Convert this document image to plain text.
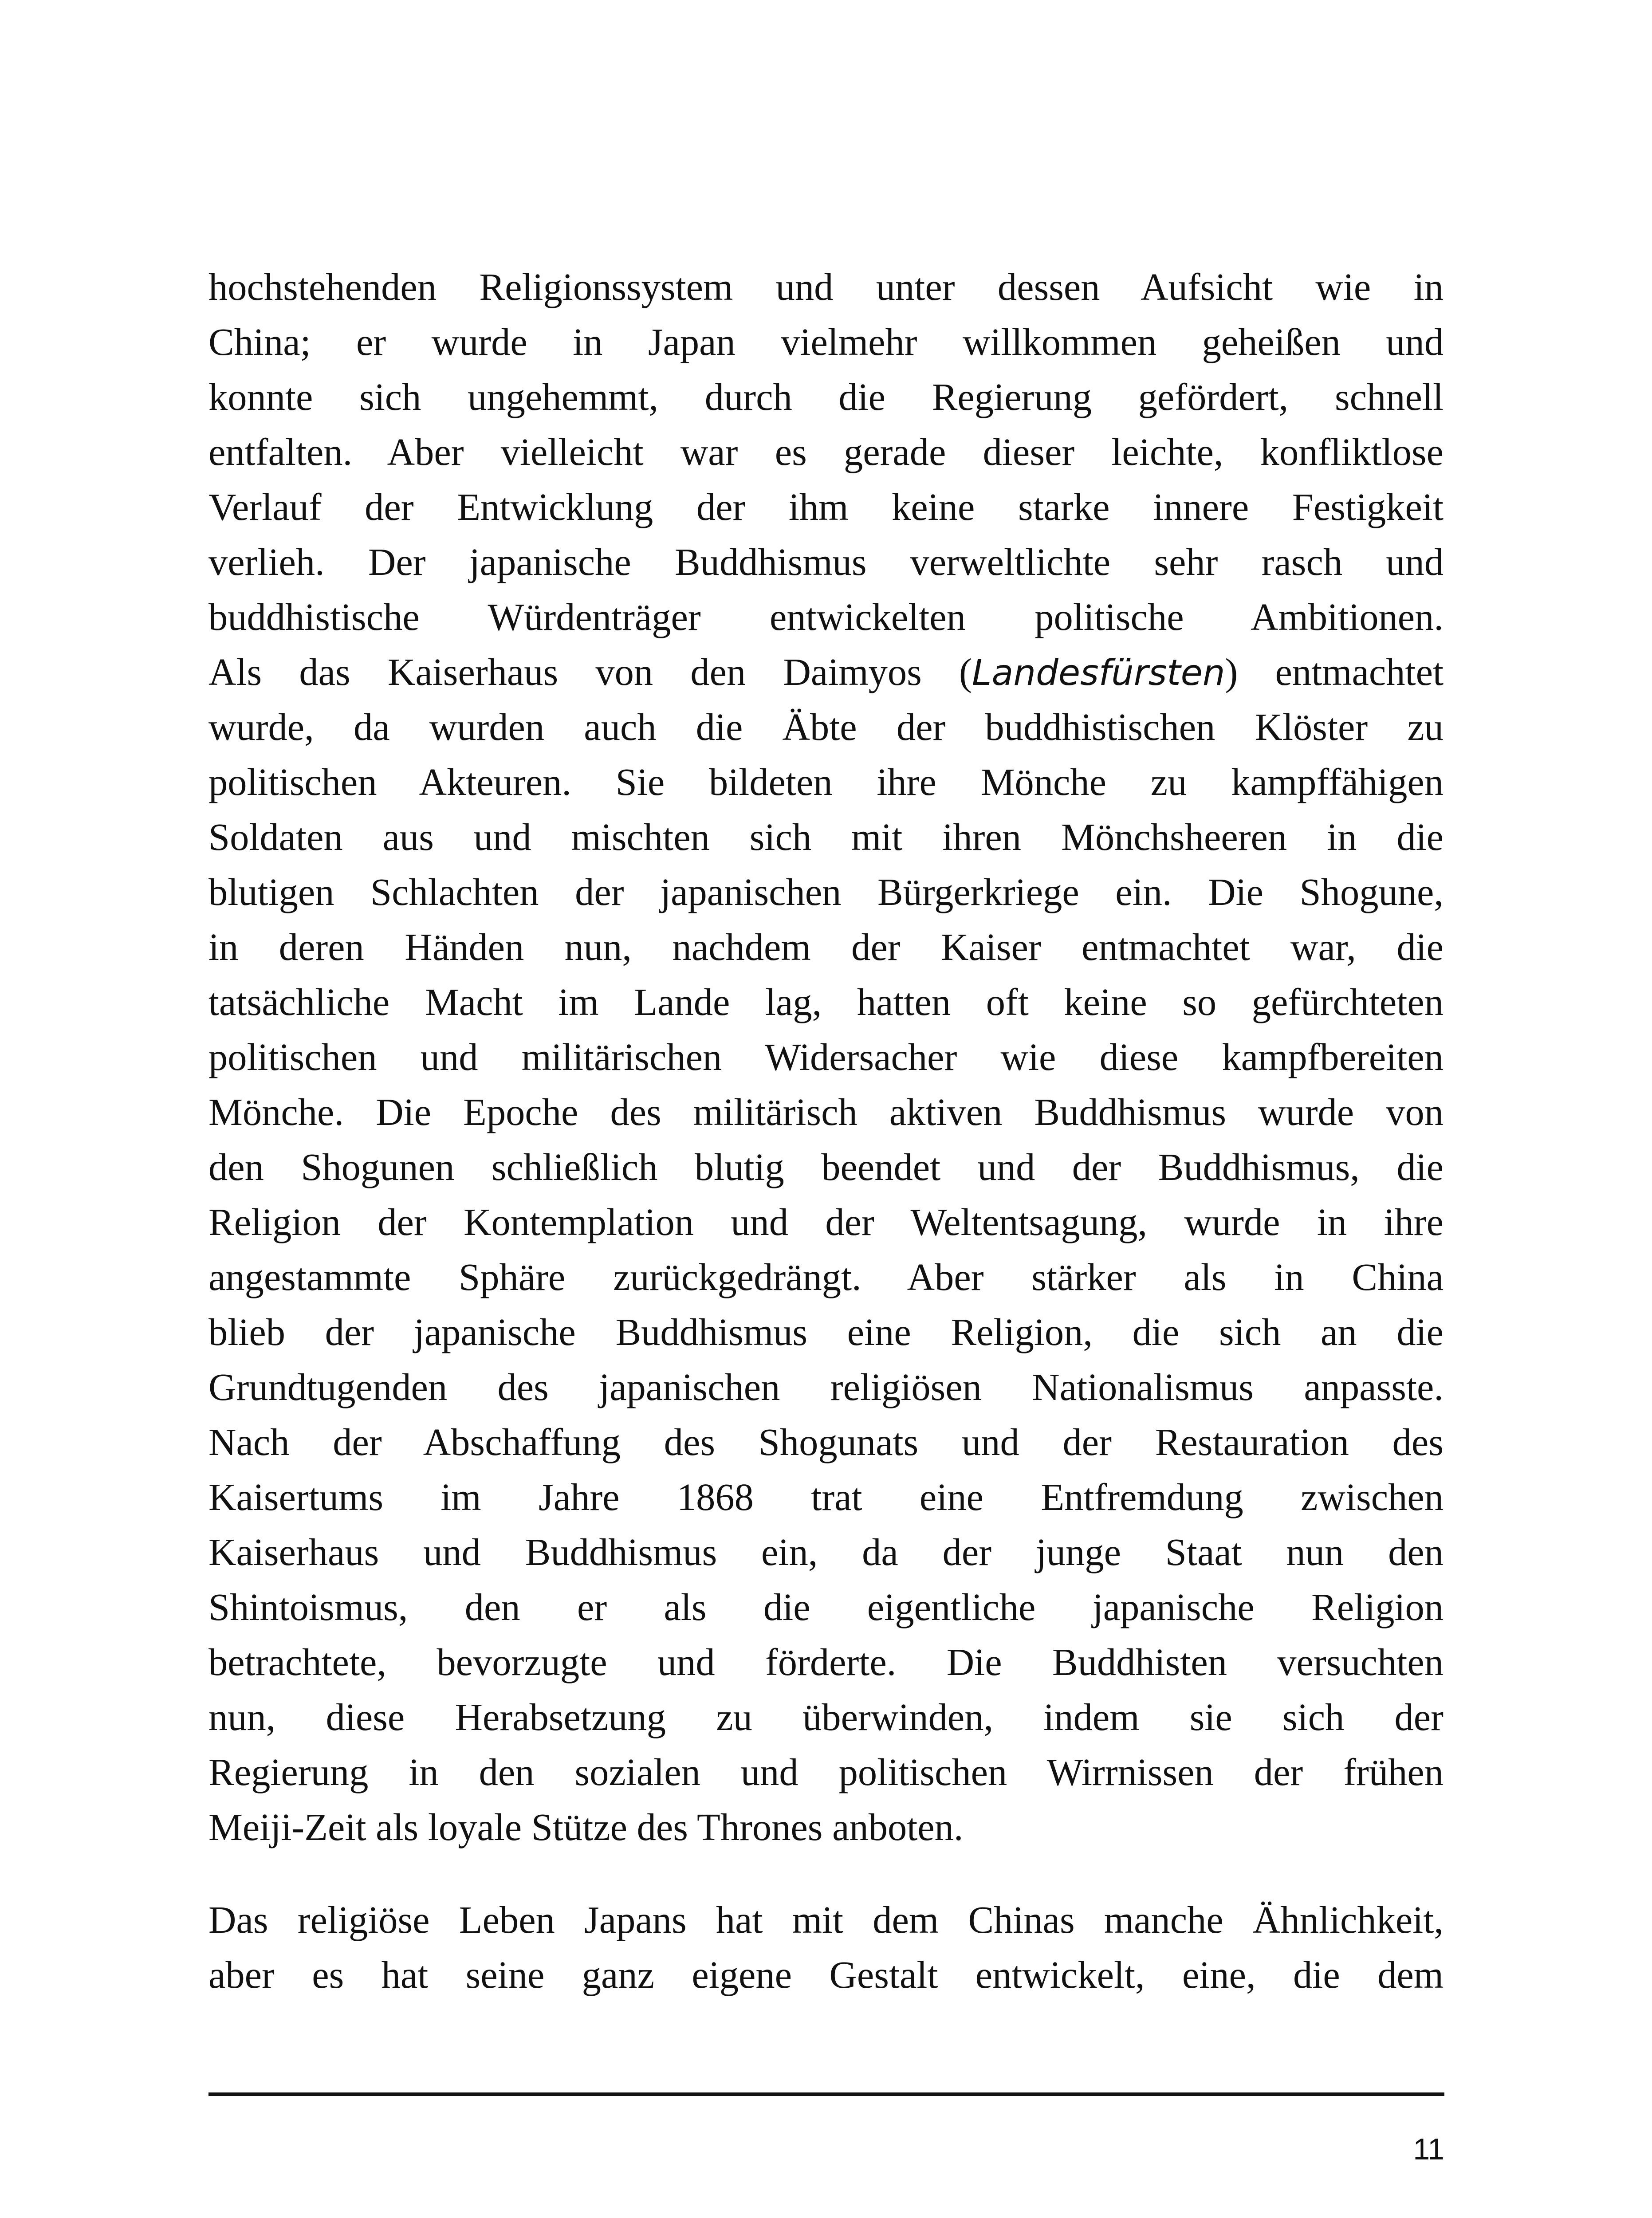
hochstehenden Religionssystem und unter dessen Aufsicht wie in
China; er wurde in Japan vielmehr willkommen geheißen und
konnte sich ungehemmt, durch die Regierung gefördert, schnell
entfalten. Aber vielleicht war es gerade dieser leichte, konfliktlose
Verlauf der Entwicklung der ihm keine starke innere Festigkeit
verlieh. Der japanische Buddhismus verweltlichte sehr rasch und
buddhistische Würdenträger entwickelten politische Ambitionen.
Als das Kaiserhaus von den Daimyos (Landesfürsten) entmachtet
wurde, da wurden auch die Äbte der buddhistischen Klöster zu
politischen Akteuren. Sie bildeten ihre Mönche zu kampffähigen
Soldaten aus und mischten sich mit ihren Mönchsheeren in die
blutigen Schlachten der japanischen Bürgerkriege ein. Die Shogune,
in deren Händen nun, nachdem der Kaiser entmachtet war, die
tatsächliche Macht im Lande lag, hatten oft keine so gefürchteten
politischen und militärischen Widersacher wie diese kampfbereiten
Mönche. Die Epoche des militärisch aktiven Buddhismus wurde von
den Shogunen schließlich blutig beendet und der Buddhismus, die
Religion der Kontemplation und der Weltentsagung, wurde in ihre
angestammte Sphäre zurückgedrängt. Aber stärker als in China
blieb der japanische Buddhismus eine Religion, die sich an die
Grundtugenden des japanischen religiösen Nationalismus anpasste.
Nach der Abschaffung des Shogunats und der Restauration des
Kaisertums im Jahre 1868 trat eine Entfremdung zwischen
Kaiserhaus und Buddhismus ein, da der junge Staat nun den
Shintoismus, den er als die eigentliche japanische Religion
betrachtete, bevorzugte und förderte. Die Buddhisten versuchten
nun, diese Herabsetzung zu überwinden, indem sie sich der
Regierung in den sozialen und politischen Wirrnissen der frühen
Meiji-Zeit als loyale Stütze des Thrones anboten.
Das religiöse Leben Japans hat mit dem Chinas manche Ähnlichkeit,
aber es hat seine ganz eigene Gestalt entwickelt, eine, die dem
11
